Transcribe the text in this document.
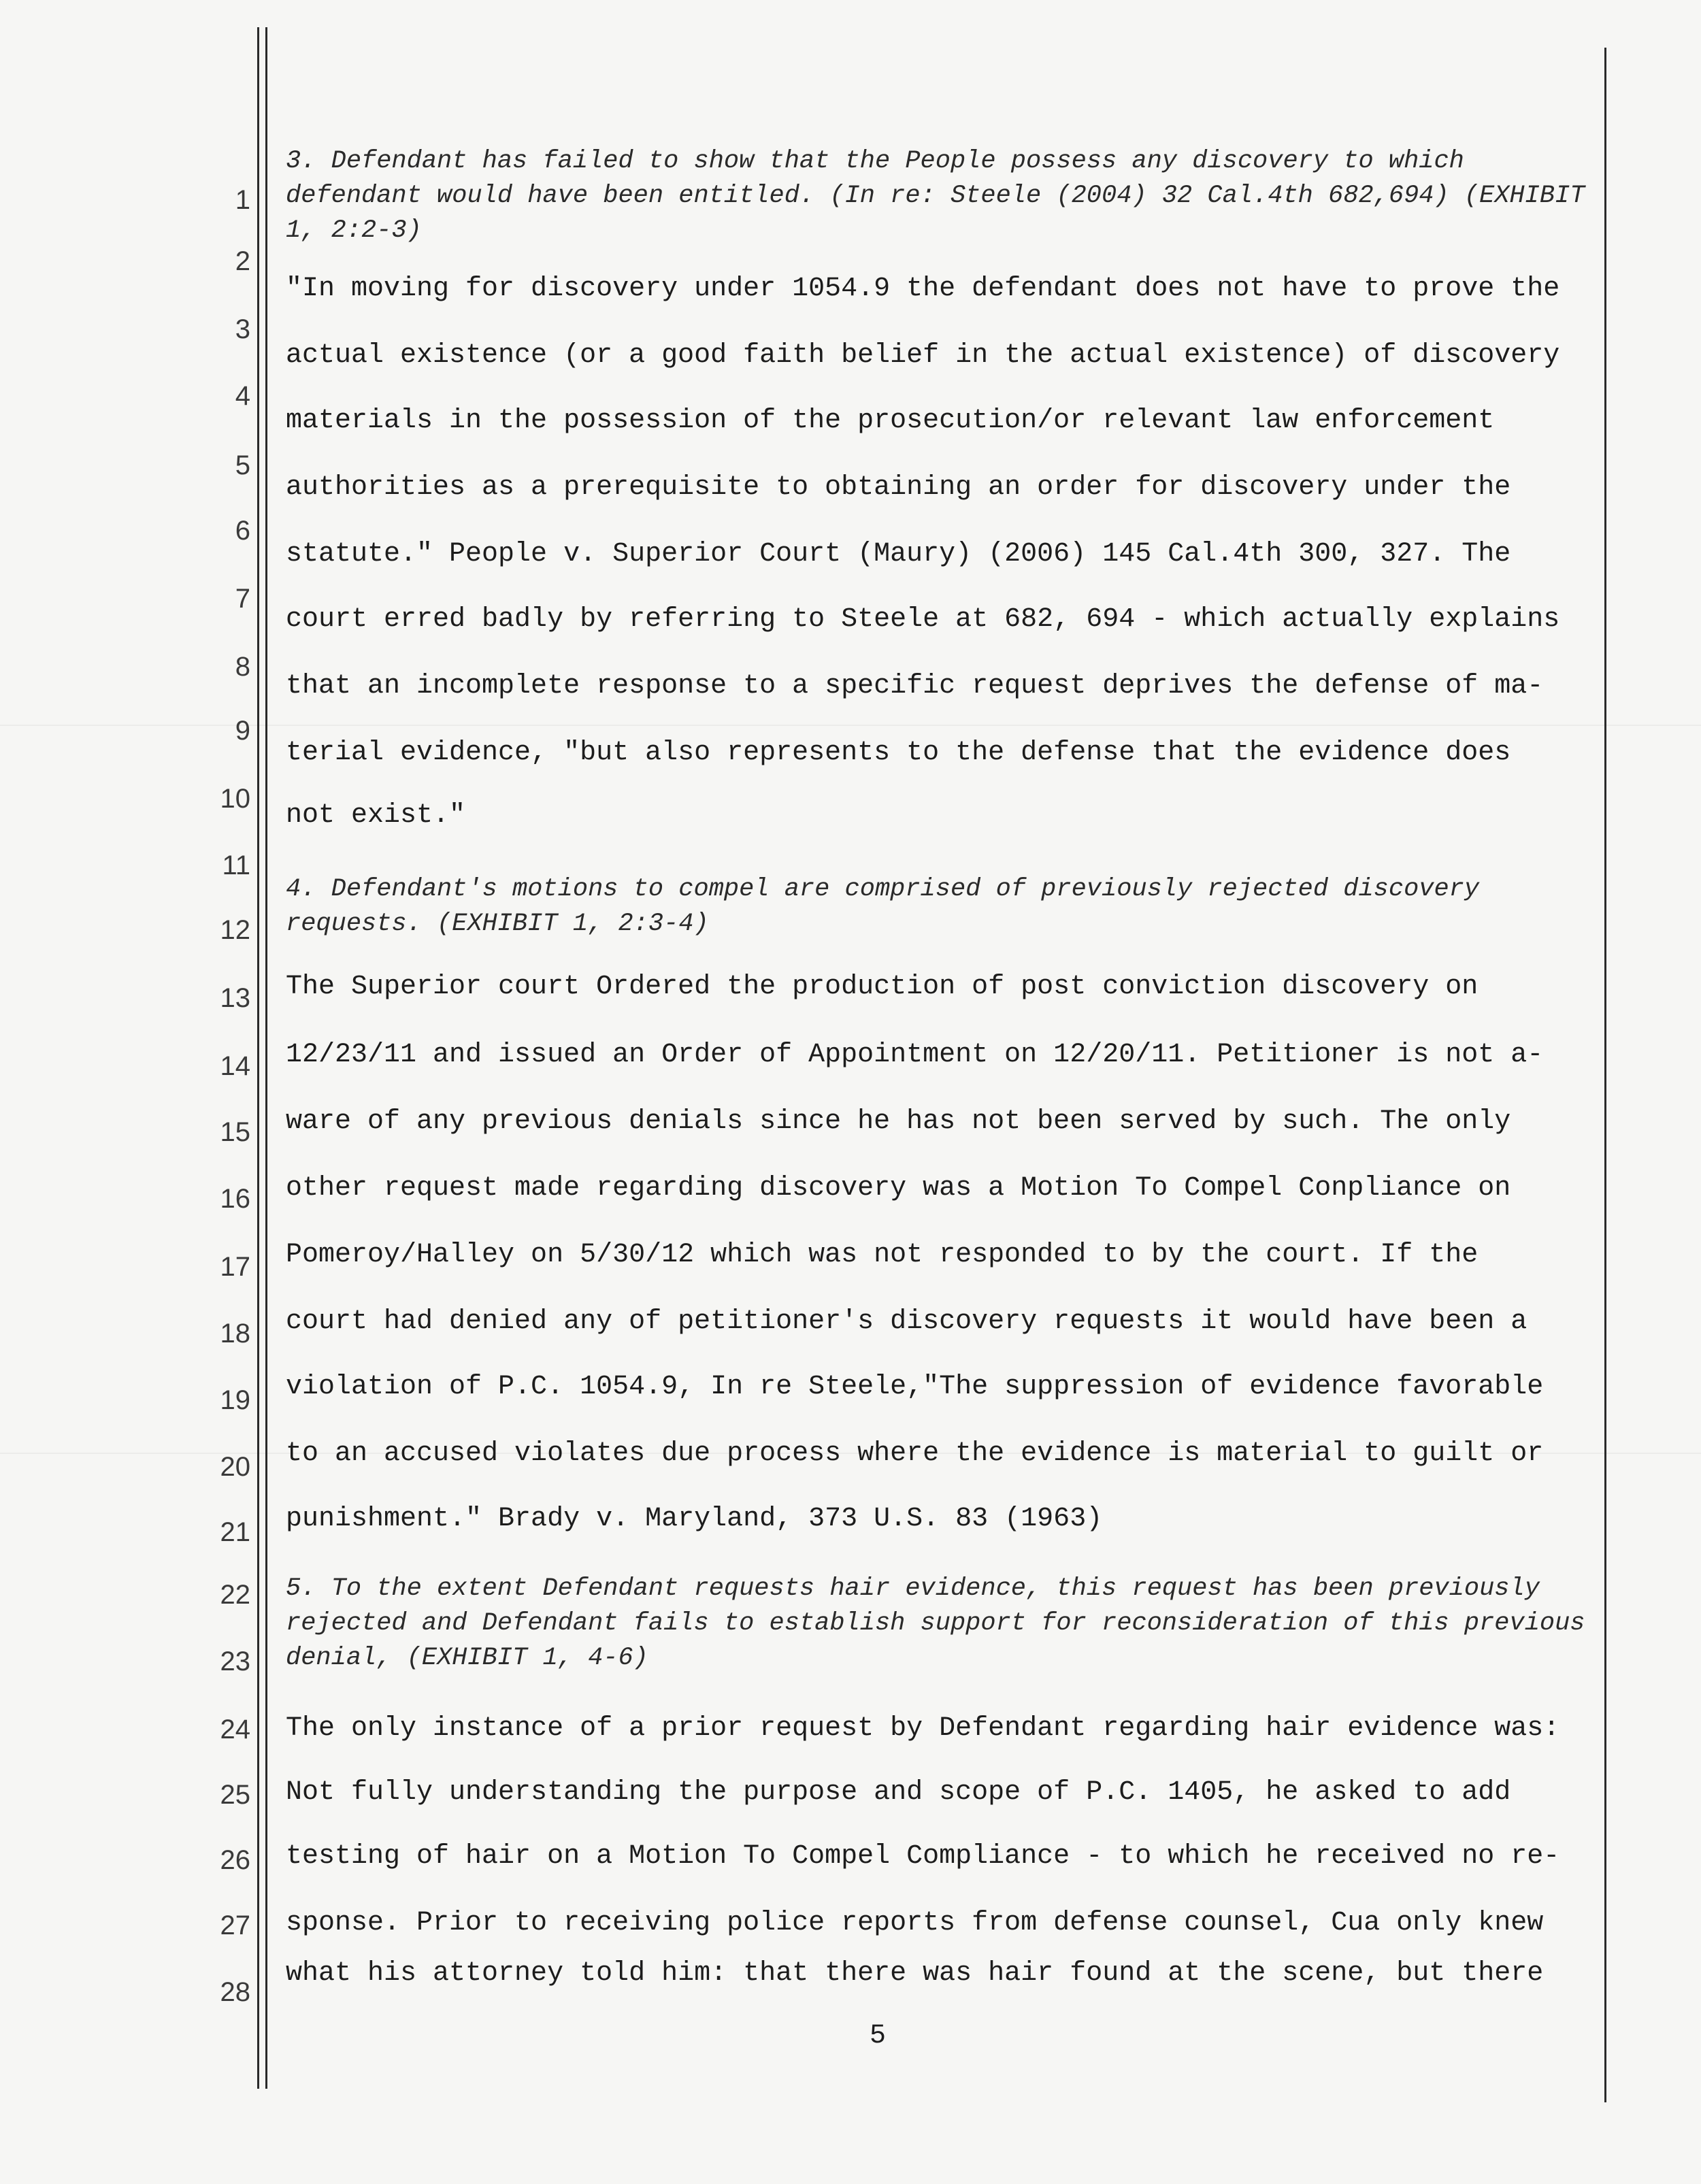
1
2
3
4
5
6
7
8
9
10
11
12
13
14
15
16
17
18
19
20
21
22
23
24
25
26
27
28
3. Defendant has failed to show that the People possess any discovery to which defendant would have been entitled. (In re: Steele (2004) 32 Cal.4th 682,694) (EXHIBIT 1, 2:2-3)
"In moving for discovery under 1054.9 the defendant does not have to prove the
actual existence (or a good faith belief in the actual existence) of discovery
materials in the possession of the prosecution/or relevant law enforcement
authorities as a prerequisite to obtaining an order for discovery under the
statute." People v. Superior Court (Maury) (2006) 145 Cal.4th 300, 327. The
court erred badly by referring to Steele at 682, 694 - which actually explains
that an incomplete response to a specific request deprives the defense of ma-
terial evidence, "but also represents to the defense that the evidence does
not exist."
4. Defendant's motions to compel are comprised of previously rejected discovery requests. (EXHIBIT 1, 2:3-4)
The Superior court Ordered the production of post conviction discovery on
12/23/11 and issued an Order of Appointment on 12/20/11. Petitioner is not a-
ware of any previous denials since he has not been served by such. The only
other request made regarding discovery was a Motion To Compel Conpliance on
Pomeroy/Halley on 5/30/12 which was not responded to by the court. If the
court had denied any of petitioner's discovery requests it would have been a
violation of P.C. 1054.9, In re Steele,"The suppression of evidence favorable
to an accused violates due process where the evidence is material to guilt or
punishment." Brady v. Maryland, 373 U.S. 83 (1963)
5. To the extent Defendant requests hair evidence, this request has been previously rejected and Defendant fails to establish support for reconsideration of this previous denial, (EXHIBIT 1, 4-6)
The only instance of a prior request by Defendant regarding hair evidence was:
Not fully understanding the purpose and scope of P.C. 1405, he asked to add
testing of hair on a Motion To Compel Compliance - to which he received no re-
sponse. Prior to receiving police reports from defense counsel, Cua only knew
what his attorney told him: that there was hair found at the scene, but there
5
